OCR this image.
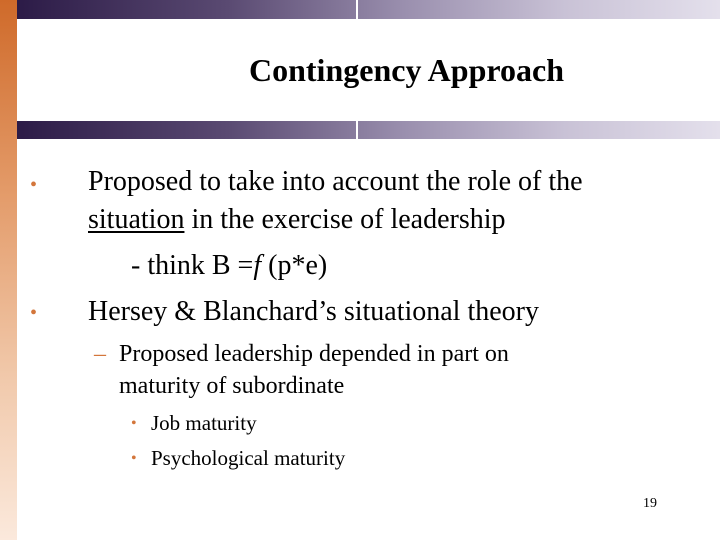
Contingency Approach
• Proposed to take into account the role of the
situation in the exercise of leadership
- think B =f (p*e)
• Hersey & Blanchard’s situational theory
– Proposed leadership depended in part on
maturity of subordinate
• Job maturity
• Psychological maturity
19
